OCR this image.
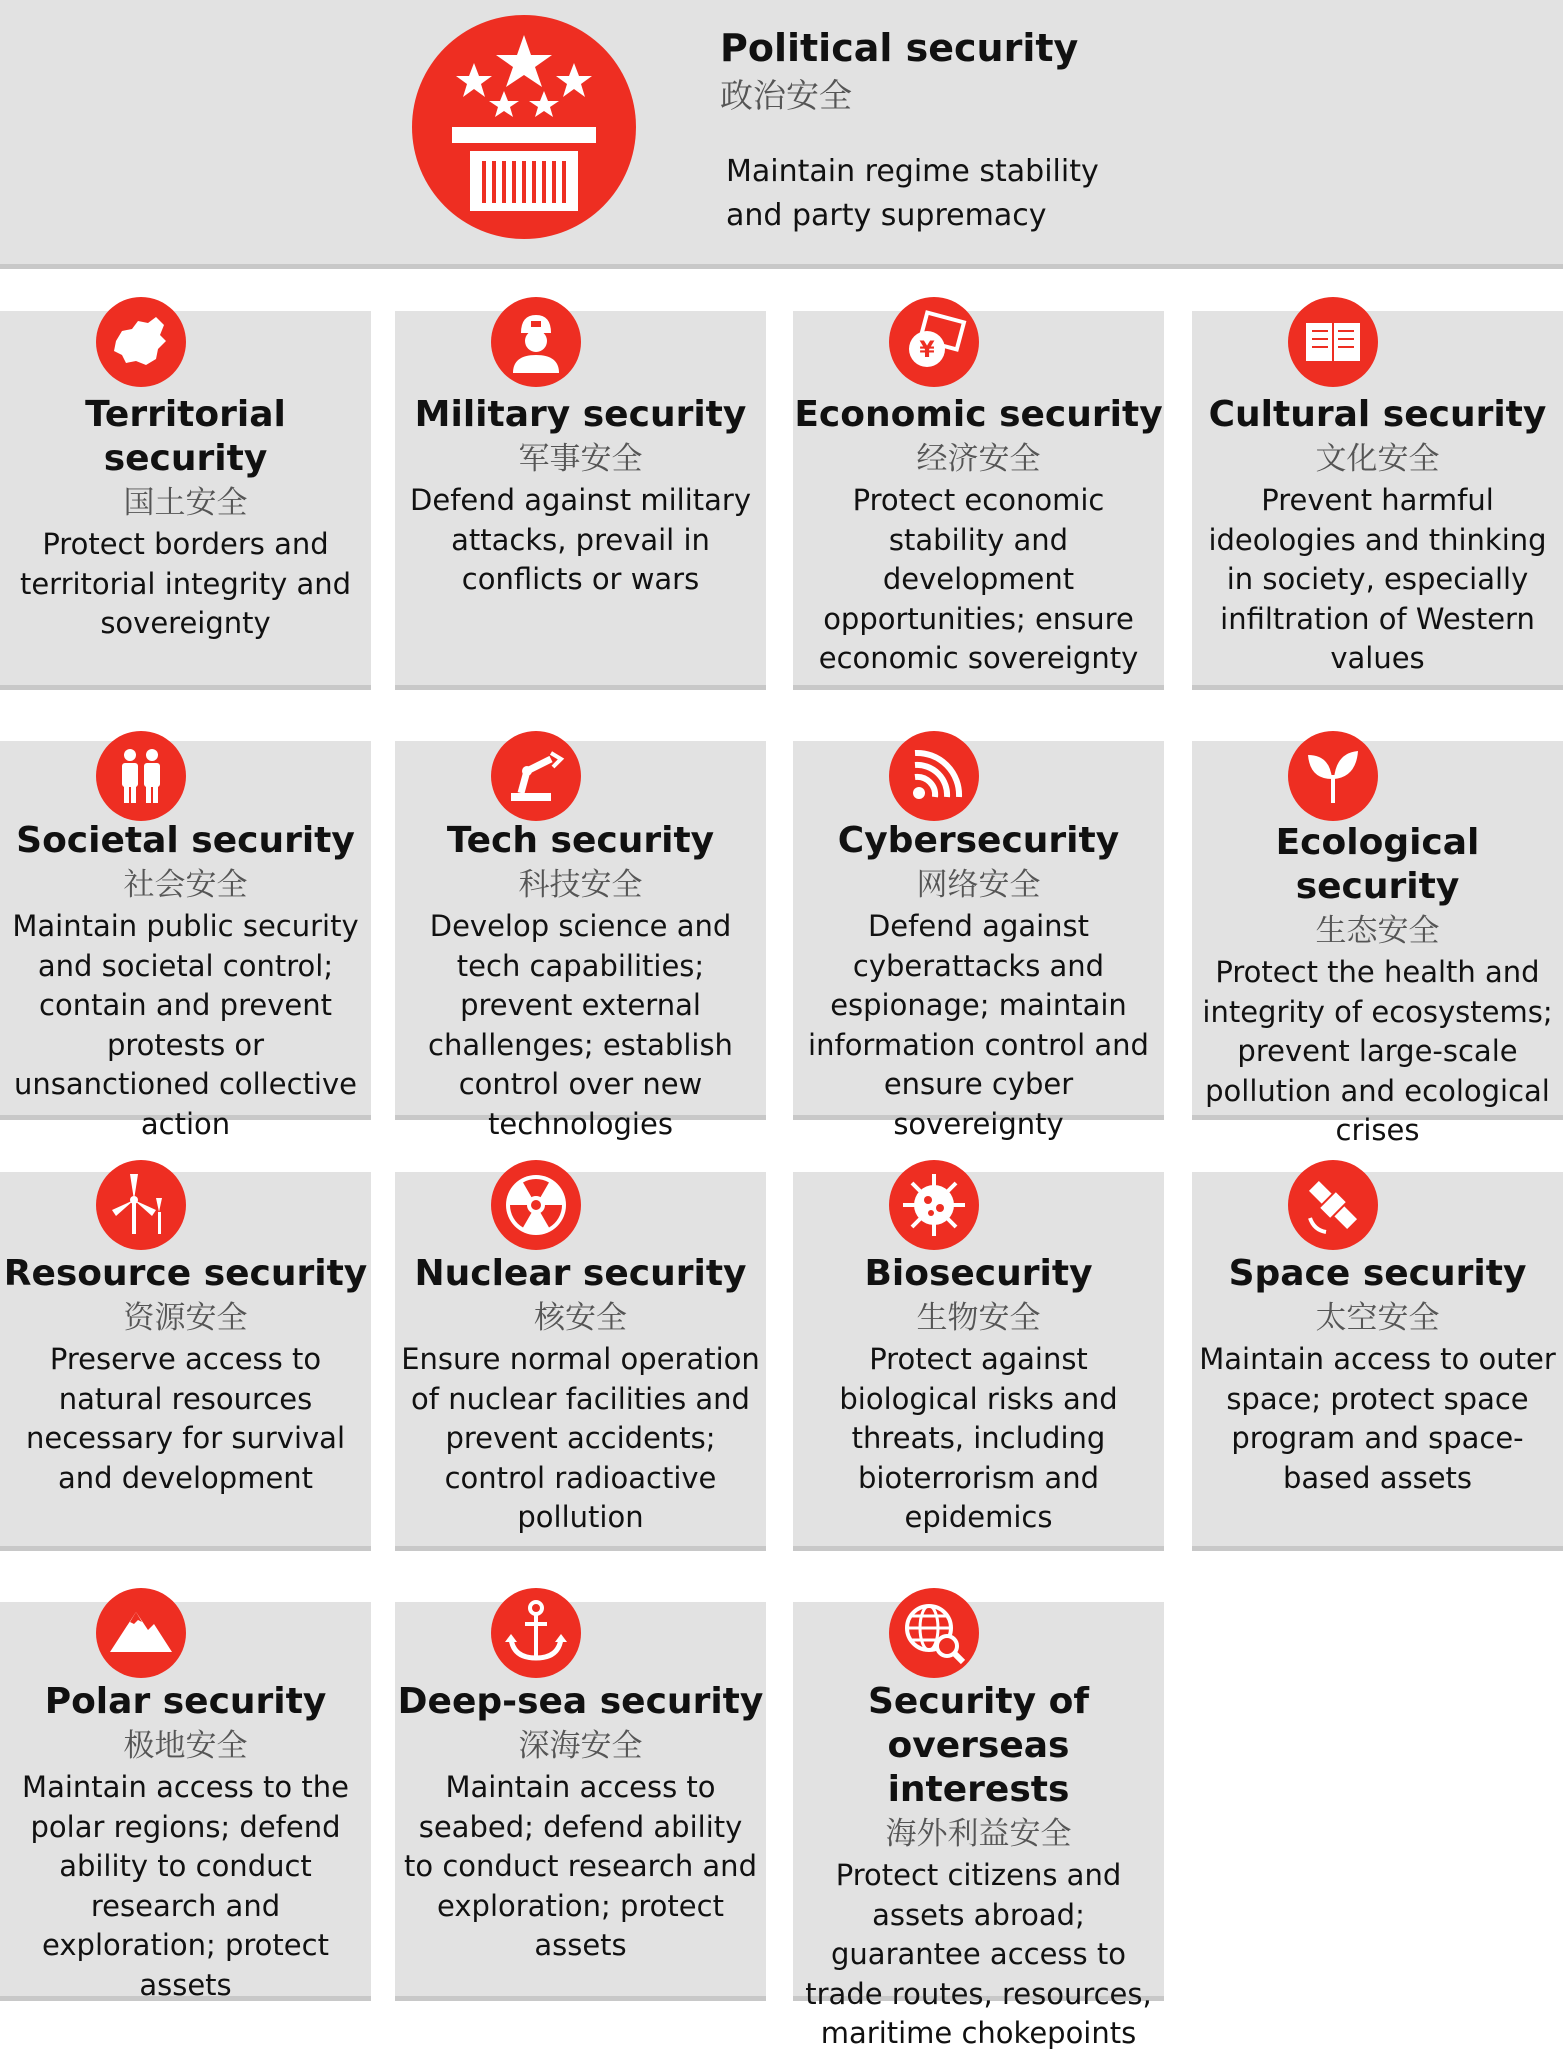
Political security
政治安全
Maintain regime stability and party supremacy
Territorial security
国土安全
Protect borders and territorial integrity and sovereignty
Military security
军事安全
Defend against military attacks, prevail in conflicts or wars
¥
Economic security
经济安全
Protect economic stability and development opportunities; ensure economic sovereignty
Cultural security
文化安全
Prevent harmful ideologies and thinking in society, especially infiltration of Western values
Societal security
社会安全
Maintain public security and societal control; contain and prevent protests or unsanctioned collective action
Tech security
科技安全
Develop science and tech capabilities; prevent external challenges; establish control over new technologies
Cybersecurity
网络安全
Defend against cyberattacks and espionage; maintain information control and ensure cyber sovereignty
Ecological security
生态安全
Protect the health and integrity of ecosystems; prevent large-scale pollution and ecological crises
Resource security
资源安全
Preserve access to natural resources necessary for survival and development
Nuclear security
核安全
Ensure normal operation of nuclear facilities and prevent accidents; control radioactive pollution
Biosecurity
生物安全
Protect against biological risks and threats, including bioterrorism and epidemics
Space security
太空安全
Maintain access to outer space; protect space program and space-based assets
Polar security
极地安全
Maintain access to the polar regions; defend ability to conduct research and exploration; protect assets
Deep-sea security
深海安全
Maintain access to seabed; defend ability to conduct research and exploration; protect assets
Security of overseas interests
海外利益安全
Protect citizens and assets abroad; guarantee access to trade routes, resources, maritime chokepoints
